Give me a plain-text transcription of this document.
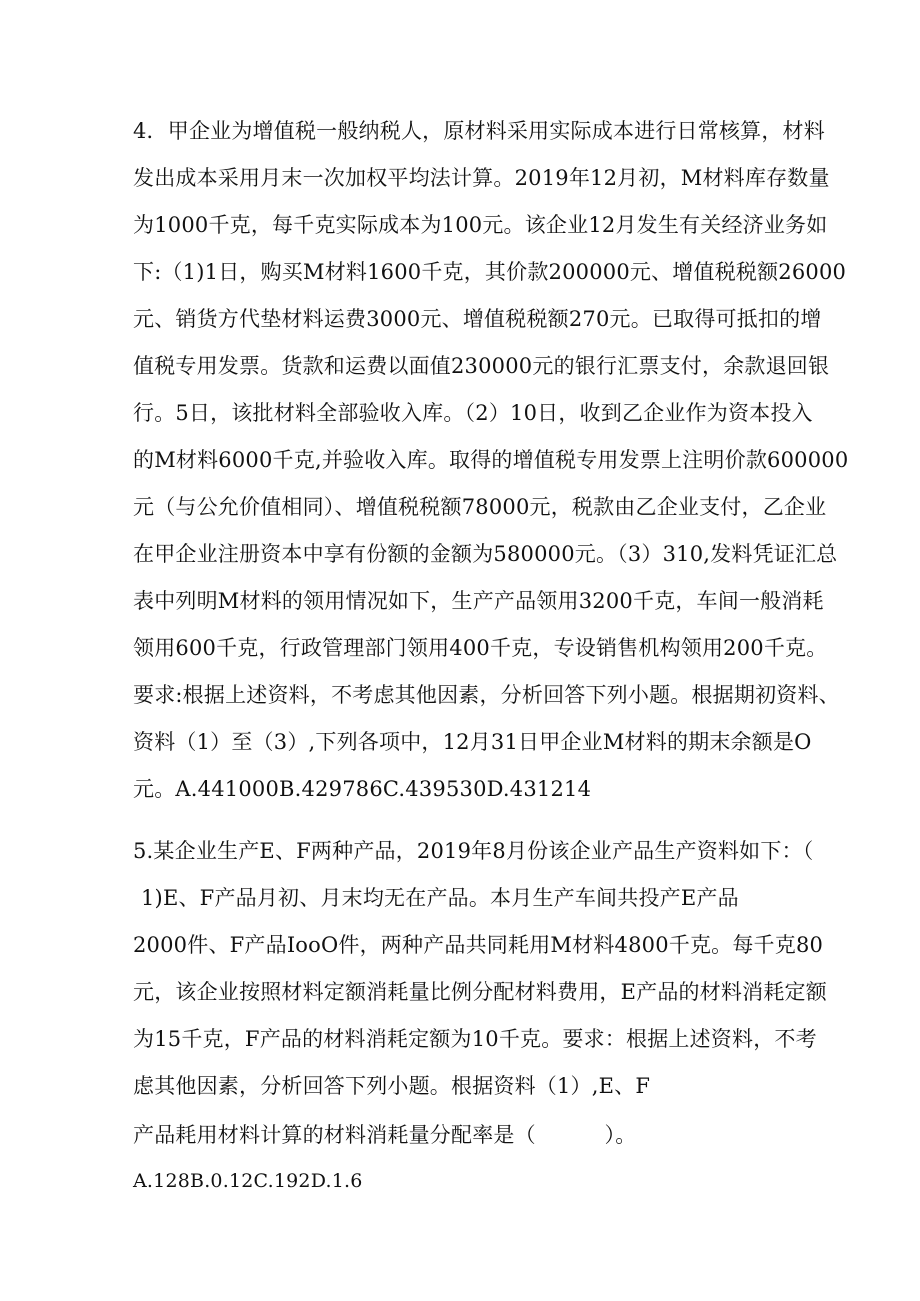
4．甲企业为增值税一般纳税人，原材料采用实际成本进行日常核算，材料
发出成本采用月末一次加权平均法计算。2019年12月初，M材料库存数量
为1000千克，每千克实际成本为100元。该企业12月发生有关经济业务如
下:（1)1日，购买M材料1600千克，其价款200000元、增值税税额26000
元、销货方代垫材料运费3000元、增值税税额270元。已取得可抵扣的增
值税专用发票。货款和运费以面值230000元的银行汇票支付，余款退回银
行。5日，该批材料全部验收入库。（2）10日，收到乙企业作为资本投入
的M材料6000千克,并验收入库。取得的增值税专用发票上注明价款600000
元（与公允价值相同）、增值税税额78000元，税款由乙企业支付，乙企业
在甲企业注册资本中享有份额的金额为580000元。（3）310,发料凭证汇总
表中列明M材料的领用情况如下，生产产品领用3200千克，车间一般消耗
领用600千克，行政管理部门领用400千克，专设销售机构领用200千克。
要求:根据上述资料，不考虑其他因素，分析回答下列小题。根据期初资料、
资料（1）至（3）,下列各项中，12月31日甲企业M材料的期末余额是O
元。A.441000B.429786C.439530D.431214
5.某企业生产E、F两种产品，2019年8月份该企业产品生产资料如下：（
1)E、F产品月初、月末均无在产品。本月生产车间共投产E产品
2000件、F产品IooO件，两种产品共同耗用M材料4800千克。每千克80
元，该企业按照材料定额消耗量比例分配材料费用，E产品的材料消耗定额
为15千克，F产品的材料消耗定额为10千克。要求：根据上述资料，不考
虑其他因素，分析回答下列小题。根据资料（1）,E、F
产品耗用材料计算的材料消耗量分配率是（          ）。
A.128B.0.12C.192D.1.6
